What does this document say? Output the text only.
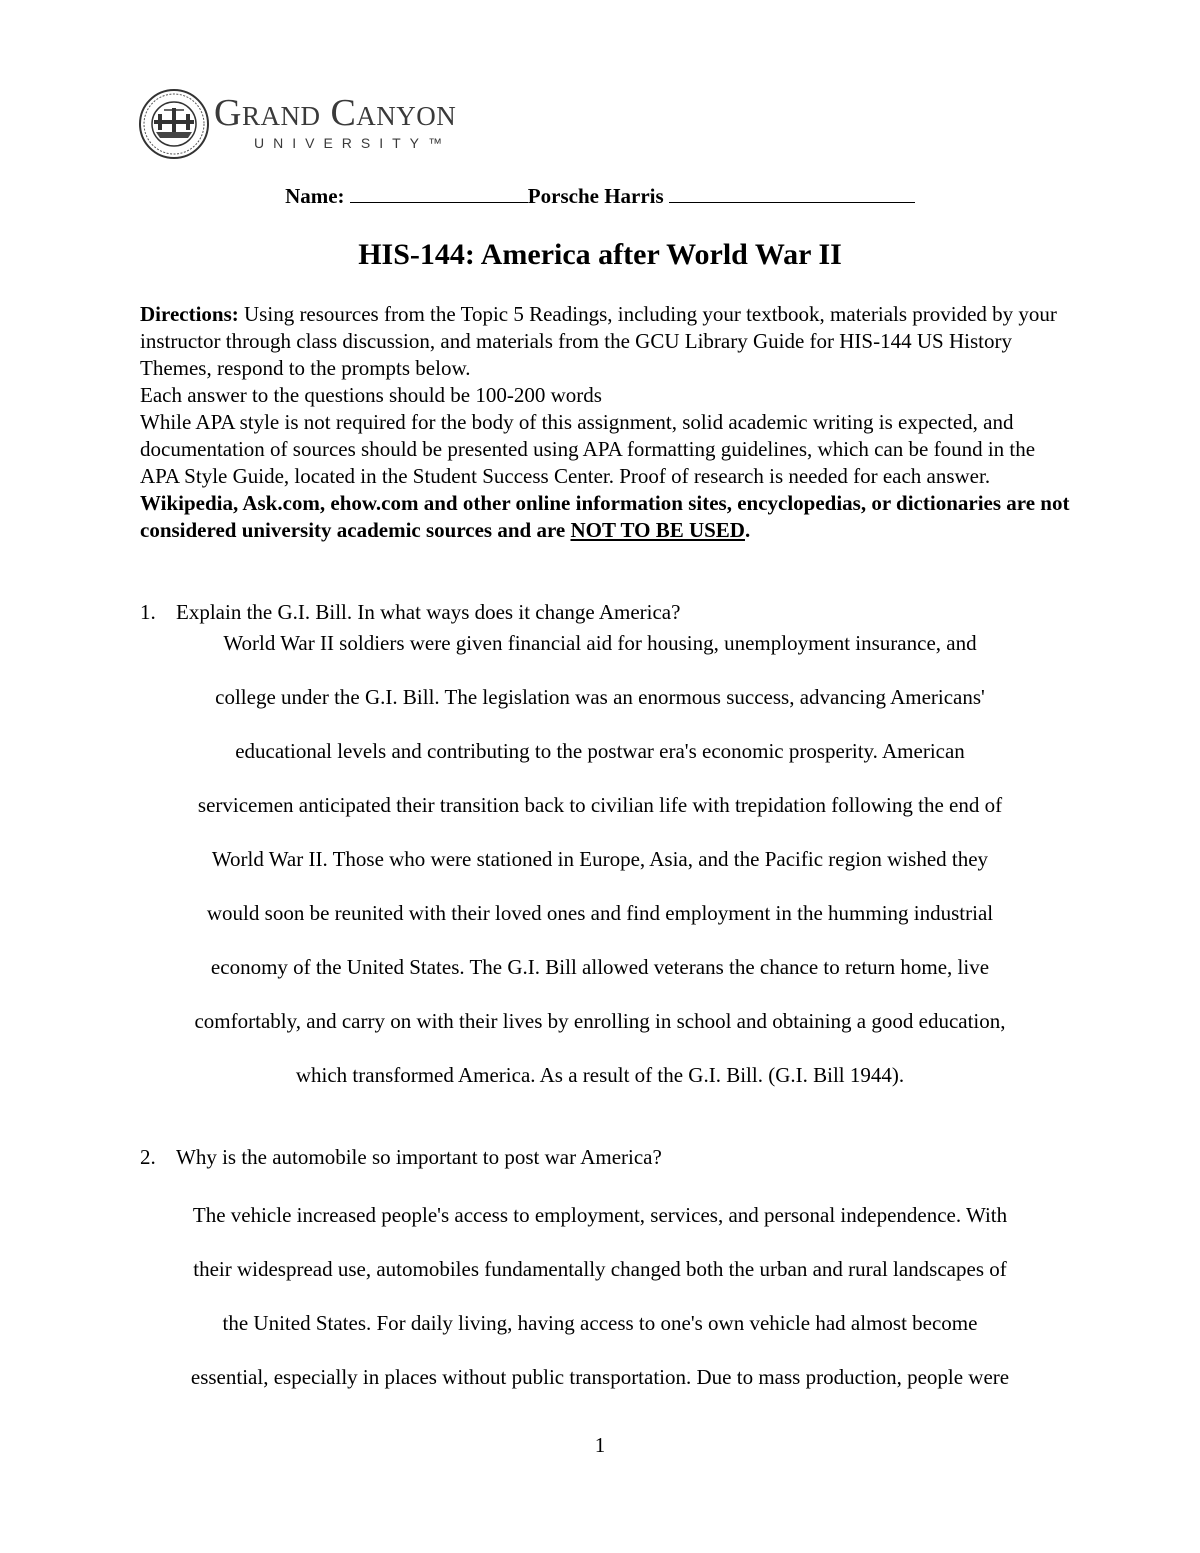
Grand Canyon
UNIVERSITY™
Name:	Porsche Harris
HIS-144: America after World War II

Directions: Using resources from the Topic 5 Readings, including your textbook, materials provided by your instructor through class discussion, and materials from the GCU Library Guide for HIS-144 US History Themes, respond to the prompts below.

Each answer to the questions should be 100-200 words

While APA style is not required for the body of this assignment, solid academic writing is expected, and documentation of sources should be presented using APA formatting guidelines, which can be found in the APA Style Guide, located in the Student Success Center. Proof of research is needed for each answer.

Wikipedia, Ask.com, ehow.com and other online information sites, encyclopedias, or dictionaries are not considered university academic sources and are NOT TO BE USED.

1. Explain the G.I. Bill. In what ways does it change America?
World War II soldiers were given financial aid for housing, unemployment insurance, and
college under the G.I. Bill. The legislation was an enormous success, advancing Americans'
educational levels and contributing to the postwar era's economic prosperity. American
servicemen anticipated their transition back to civilian life with trepidation following the end of
World War II. Those who were stationed in Europe, Asia, and the Pacific region wished they
would soon be reunited with their loved ones and find employment in the humming industrial
economy of the United States. The G.I. Bill allowed veterans the chance to return home, live
comfortably, and carry on with their lives by enrolling in school and obtaining a good education,
which transformed America. As a result of the G.I. Bill. (G.I. Bill 1944).
2. Why is the automobile so important to post war America?
The vehicle increased people's access to employment, services, and personal independence. With
their widespread use, automobiles fundamentally changed both the urban and rural landscapes of
the United States. For daily living, having access to one's own vehicle had almost become
essential, especially in places without public transportation. Due to mass production, people were
1
